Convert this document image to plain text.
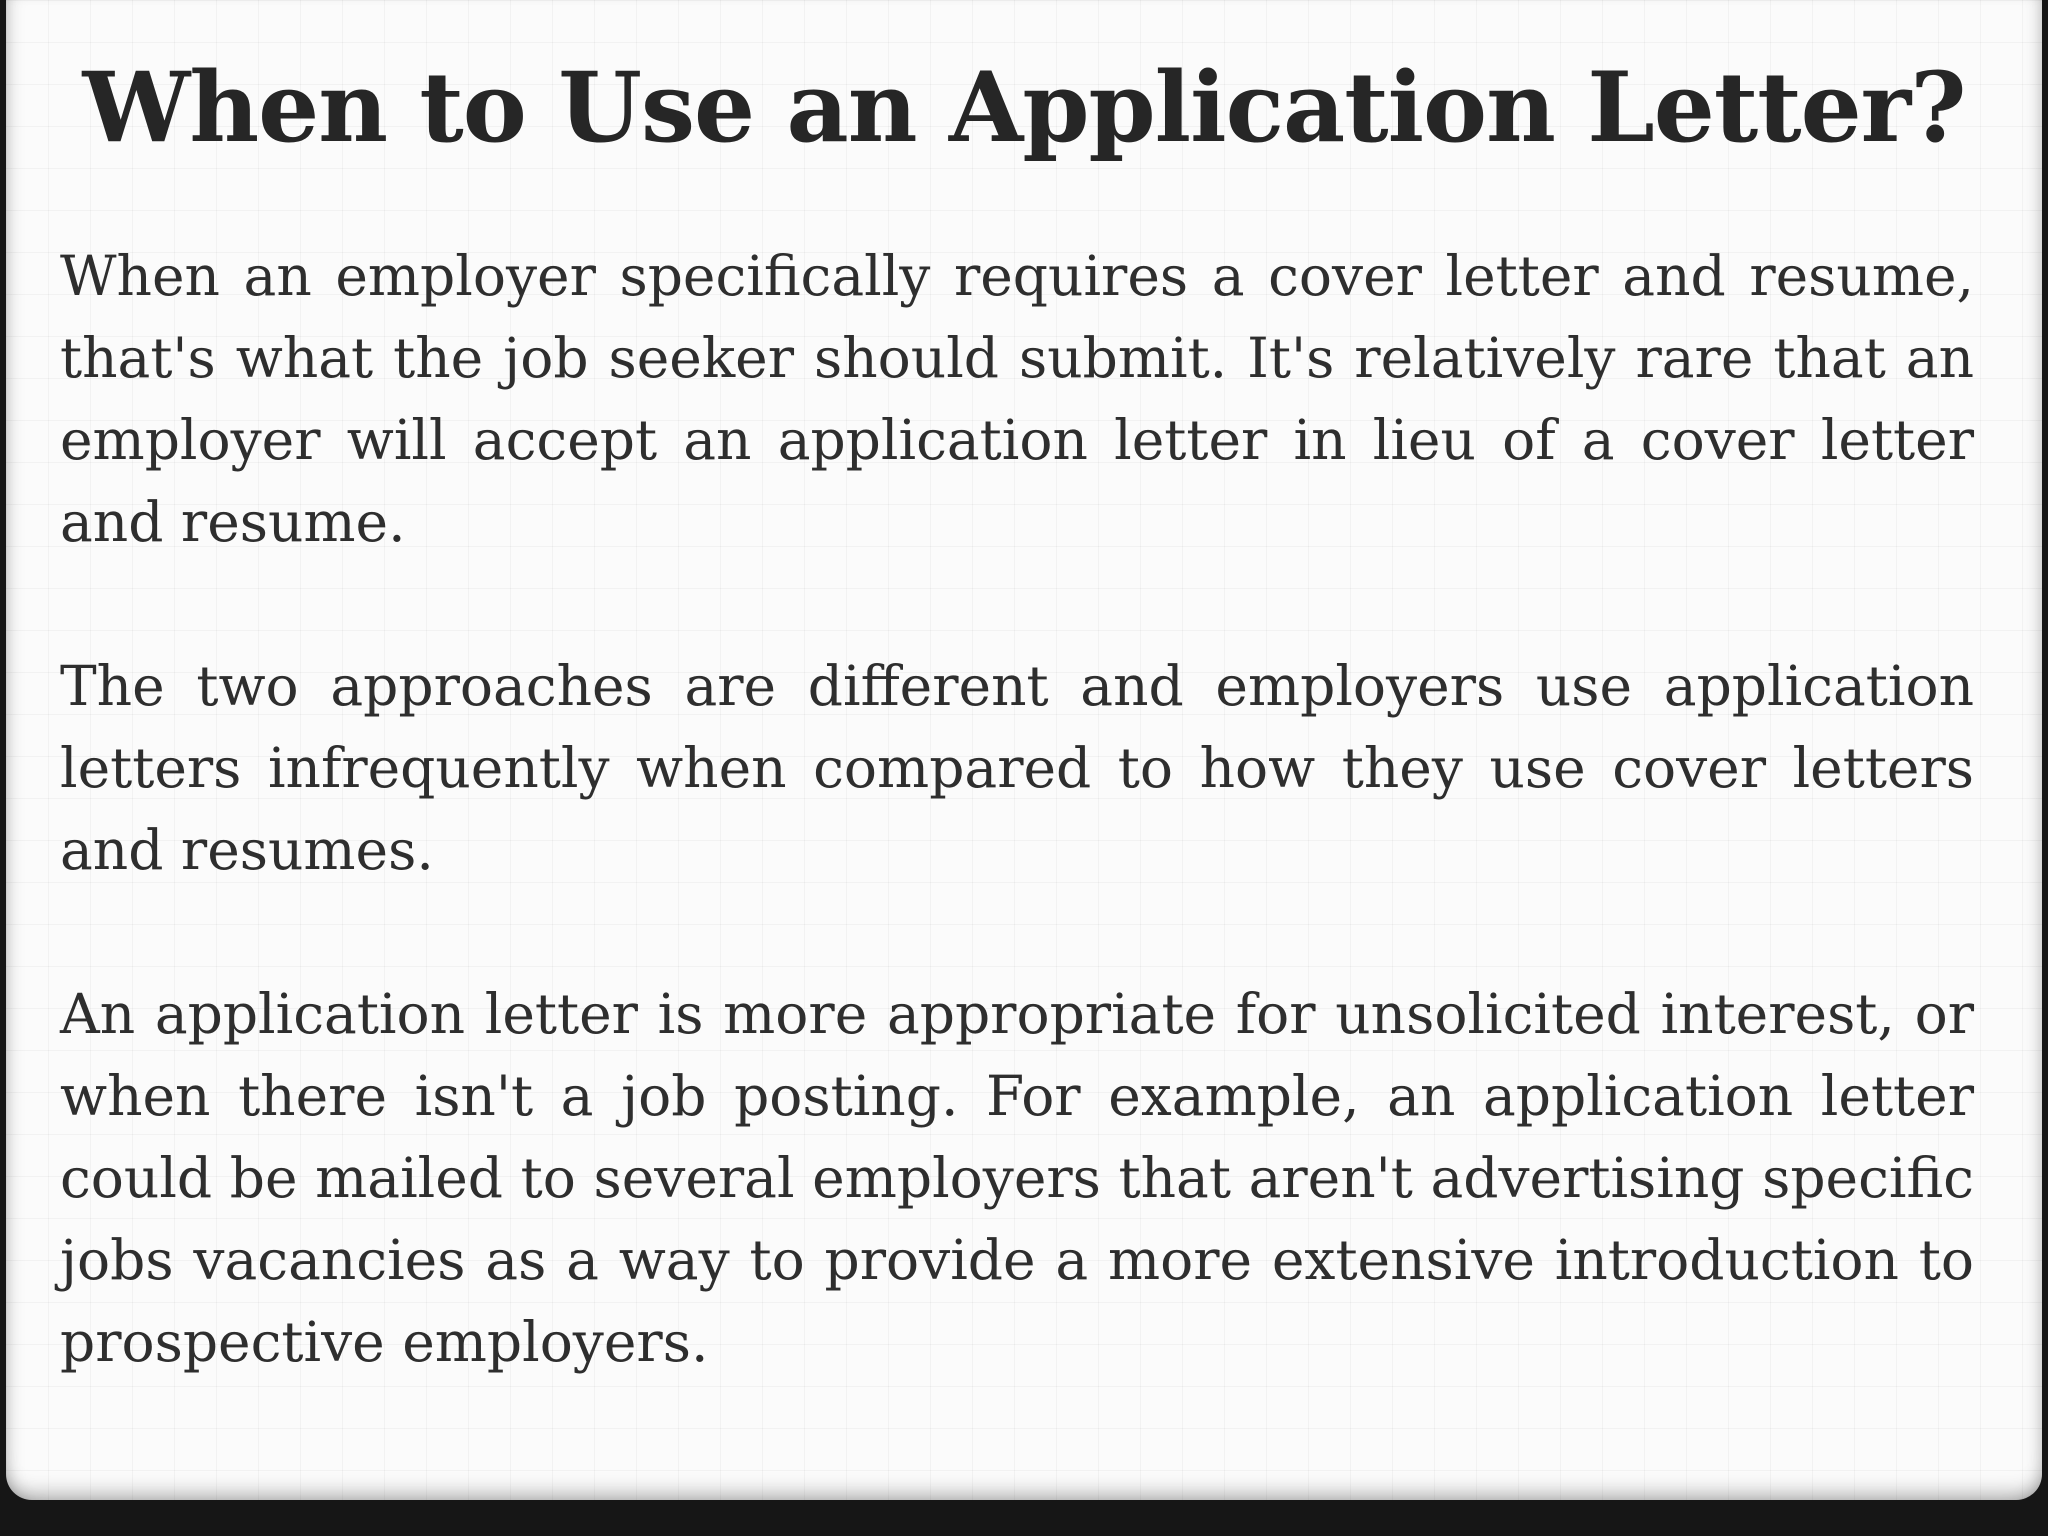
When to Use an Application Letter?

When an employer specifically requires a cover letter and resume, that's what the job seeker should submit. It's relatively rare that an employer will accept an application letter in lieu of a cover letter and resume.

The two approaches are different and employers use application letters infrequently when compared to how they use cover letters and resumes.

An application letter is more appropriate for unsolicited interest, or when there isn't a job posting. For example, an application letter could be mailed to several employers that aren't advertising specific jobs vacancies as a way to provide a more extensive introduction to prospective employers.
